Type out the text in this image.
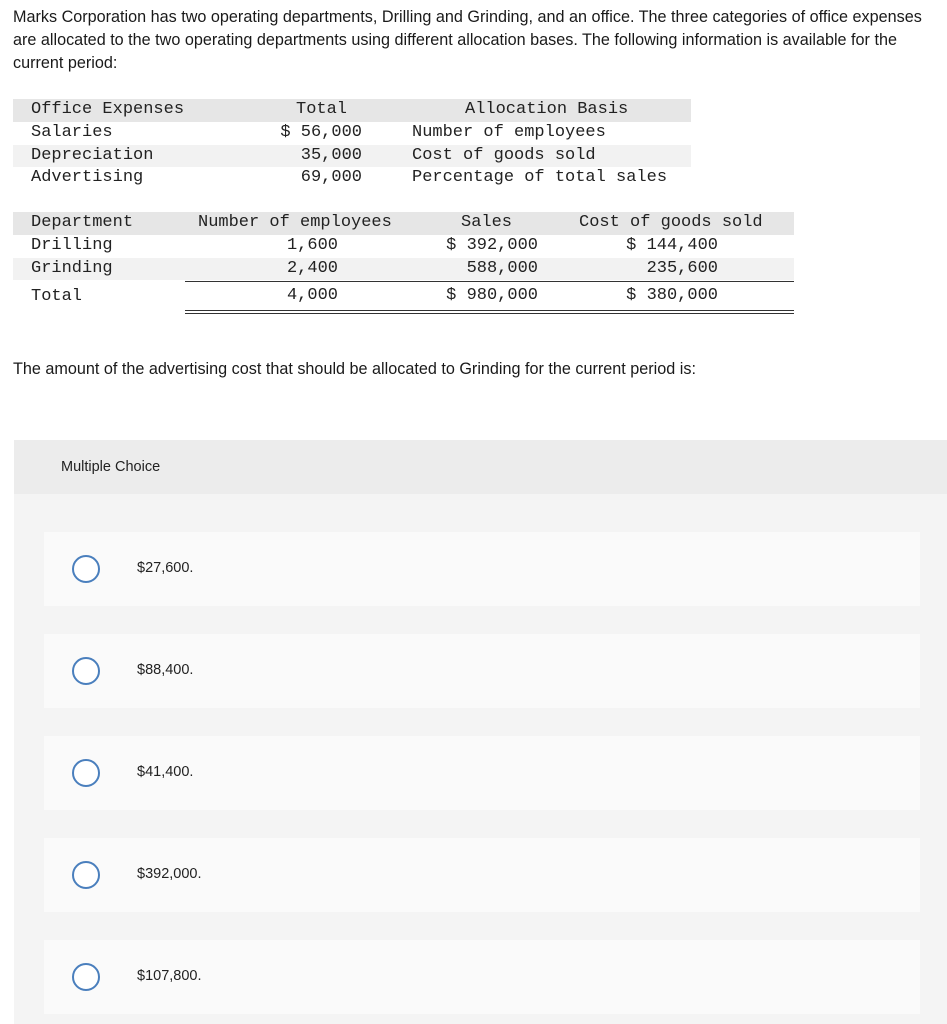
Marks Corporation has two operating departments, Drilling and Grinding, and an office. The three categories of office expenses are allocated to the two operating departments using different allocation bases. The following information is available for the current period:

Office Expenses	Total	Allocation Basis
Salaries	$ 56,000	Number of employees
Depreciation	35,000	Cost of goods sold
Advertising	69,000	Percentage of total sales
Department	Number of employees	Sales	Cost of goods sold
Drilling	1,600	$ 392,000	$ 144,400
Grinding	2,400	588,000	235,600
Total	4,000	$ 980,000	$ 380,000

The amount of the advertising cost that should be allocated to Grinding for the current period is:

Multiple Choice
$27,600.
$88,400.
$41,400.
$392,000.
$107,800.
